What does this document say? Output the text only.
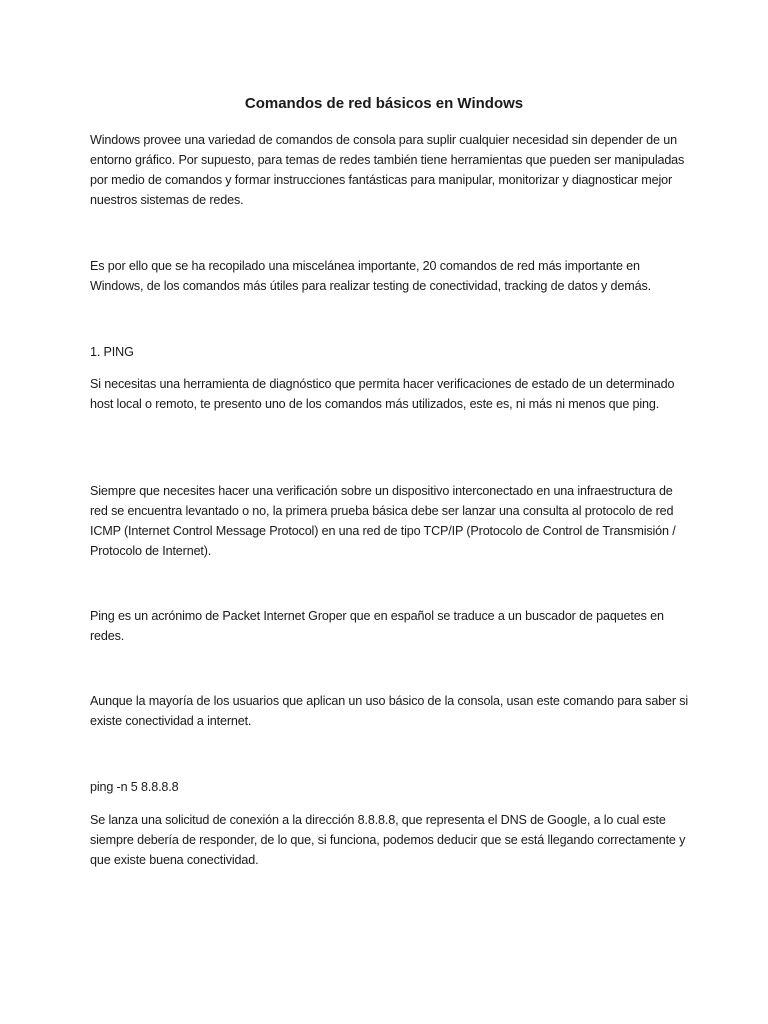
Comandos de red básicos en Windows

Windows provee una variedad de comandos de consola para suplir cualquier necesidad sin depender de un entorno gráfico. Por supuesto, para temas de redes también tiene herramientas que pueden ser manipuladas por medio de comandos y formar instrucciones fantásticas para manipular, monitorizar y diagnosticar mejor nuestros sistemas de redes.

Es por ello que se ha recopilado una miscelánea importante, 20 comandos de red más importante en Windows, de los comandos más útiles para realizar testing de conectividad, tracking de datos y demás.

1. PING

Si necesitas una herramienta de diagnóstico que permita hacer verificaciones de estado de un determinado host local o remoto, te presento uno de los comandos más utilizados, este es, ni más ni menos que ping.

Siempre que necesites hacer una verificación sobre un dispositivo interconectado en una infraestructura de red se encuentra levantado o no, la primera prueba básica debe ser lanzar una consulta al protocolo de red ICMP (Internet Control Message Protocol) en una red de tipo TCP/IP (Protocolo de Control de Transmisión / Protocolo de Internet).

Ping es un acrónimo de Packet Internet Groper que en español se traduce a un buscador de paquetes en redes.

Aunque la mayoría de los usuarios que aplican un uso básico de la consola, usan este comando para saber si existe conectividad a internet.

ping -n 5 8.8.8.8

Se lanza una solicitud de conexión a la dirección 8.8.8.8, que representa el DNS de Google, a lo cual este siempre debería de responder, de lo que, si funciona, podemos deducir que se está llegando correctamente y que existe buena conectividad.
